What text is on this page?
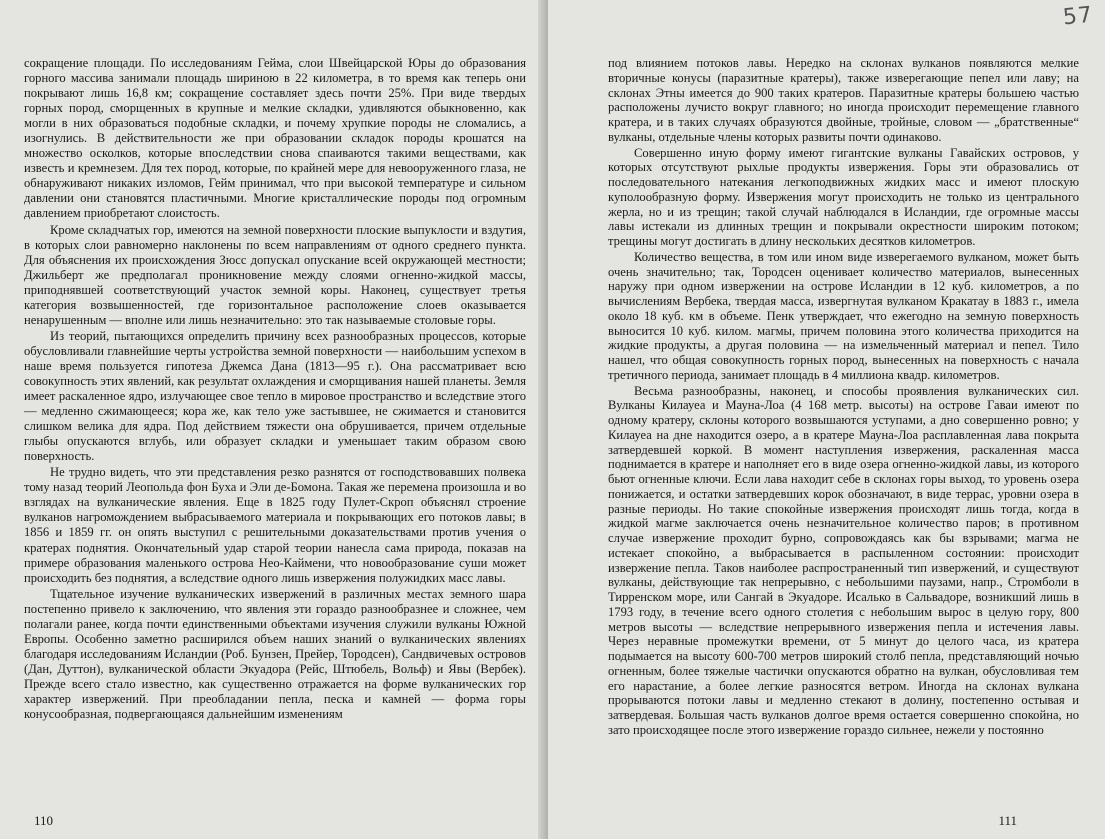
сокращение площади. По исследованиям Гейма, слои Швейцарской Юры до образования горного массива занимали площадь шириною в 22 километра, в то время как теперь они покрывают лишь 16,8 км; сокращение составляет здесь почти 25%. При виде твердых горных пород, сморщенных в крупные и мелкие складки, удивляются обыкновенно, как могли в них образоваться подобные складки, и почему хрупкие породы не сломались, а изогнулись. В действительности же при образовании складок породы крошатся на множество осколков, которые впоследствии снова спаиваются такими веществами, как известь и кремнезем. Для тех пород, которые, по крайней мере для невооруженного глаза, не обнаруживают никаких изломов, Гейм принимал, что при высокой температуре и сильном давлении они становятся пластичными. Многие кристаллические породы под огромным давлением приобретают слоистость.

Кроме складчатых гор, имеются на земной поверхности плоские выпуклости и вздутия, в которых слои равномерно наклонены по всем направлениям от одного среднего пункта. Для объяснения их происхождения Зюсс допускал опускание всей окружающей местности; Джильберт же предполагал проникновение между слоями огненно-жидкой массы, приподнявшей соответствующий участок земной коры. Наконец, существует третья категория возвышенностей, где горизонтальное расположение слоев оказывается ненарушенным — вполне или лишь незначительно: это так называемые столовые горы.

Из теорий, пытающихся определить причину всех разнообразных процессов, которые обусловливали главнейшие черты устройства земной поверхности — наибольшим успехом в наше время пользуется гипотеза Джемса Дана (1813—95 г.). Она рассматривает всю совокупность этих явлений, как результат охлаждения и сморщивания нашей планеты. Земля имеет раскаленное ядро, излучающее свое тепло в мировое пространство и вследствие этого — медленно сжимающееся; кора же, как тело уже застывшее, не сжимается и становится слишком велика для ядра. Под действием тяжести она обрушивается, причем отдельные глыбы опускаются вглубь, или образует складки и уменьшает таким образом свою поверхность.

Не трудно видеть, что эти представления резко разнятся от господствовавших полвека тому назад теорий Леопольда фон Буха и Эли де-Бомона. Такая же перемена произошла и во взглядах на вулканические явления. Еще в 1825 году Пулет-Скроп объяснял строение вулканов нагромождением выбрасываемого материала и покрывающих его потоков лавы; в 1856 и 1859 гг. он опять выступил с решительными доказательствами против учения о кратерах поднятия. Окончательный удар старой теории нанесла сама природа, показав на примере образования маленького острова Нео-Каймени, что новообразование суши может происходить без поднятия, а вследствие одного лишь извержения полужидких масс лавы.

Тщательное изучение вулканических извержений в различных местах земного шара постепенно привело к заключению, что явления эти гораздо разнообразнее и сложнее, чем полагали ранее, когда почти единственными объектами изучения служили вулканы Южной Европы. Особенно заметно расширился объем наших знаний о вулканических явлениях благодаря исследованиям Исландии (Роб. Бунзен, Прейер, Тородсен), Сандвичевых островов (Дан, Дуттон), вулканической области Экуадора (Рейс, Штюбель, Вольф) и Явы (Вербек). Прежде всего стало известно, как существенно отражается на форме вулканических гор характер извержений. При преобладании пепла, песка и камней — форма горы конусообразная, подвергающаяся дальнейшим изменениям

110
57

под влиянием потоков лавы. Нередко на склонах вулканов появляются мелкие вторичные конусы (паразитные кратеры), также изверегающие пепел или лаву; на склонах Этны имеется до 900 таких кратеров. Паразитные кратеры большею частью расположены лучисто вокруг главного; но иногда происходит перемещение главного кратера, и в таких случаях образуются двойные, тройные, словом — „братственные“ вулканы, отдельные члены которых развиты почти одинаково.

Совершенно иную форму имеют гигантские вулканы Гавайских островов, у которых отсутствуют рыхлые продукты извержения. Горы эти образовались от последовательного натекания легкоподвижных жидких масс и имеют плоскую куполообразную форму. Извержения могут происходить не только из центрального жерла, но и из трещин; такой случай наблюдался в Исландии, где огромные массы лавы истекали из длинных трещин и покрывали окрестности широким потоком; трещины могут достигать в длину нескольких десятков километров.

Количество вещества, в том или ином виде изверегаемого вулканом, может быть очень значительно; так, Тородсен оценивает количество материалов, вынесенных наружу при одном извержении на острове Исландии в 12 куб. километров, а по вычислениям Вербека, твердая масса, извергнутая вулканом Кракатау в 1883 г., имела около 18 куб. км в объеме. Пенк утверждает, что ежегодно на земную поверхность выносится 10 куб. килом. магмы, причем половина этого количества приходится на жидкие продукты, а другая половина — на измельченный материал и пепел. Тило нашел, что общая совокупность горных пород, вынесенных на поверхность с начала третичного периода, занимает площадь в 4 миллиона квадр. километров.

Весьма разнообразны, наконец, и способы проявления вулканических сил. Вулканы Килауеа и Мауна-Лоа (4 168 метр. высоты) на острове Гаваи имеют по одному кратеру, склоны которого возвышаются уступами, а дно совершенно ровно; у Килауеа на дне находится озеро, а в кратере Мауна-Лоа расплавленная лава покрыта затвердевшей коркой. В момент наступления извержения, раскаленная масса поднимается в кратере и наполняет его в виде озера огненно-жидкой лавы, из которого бьют огненные ключи. Если лава находит себе в склонах горы выход, то уровень озера понижается, и остатки затвердевших корок обозначают, в виде террас, уровни озера в разные периоды. Но такие спокойные извержения происходят лишь тогда, когда в жидкой магме заключается очень незначительное количество паров; в противном случае извержение проходит бурно, сопровождаясь как бы взрывами; магма не истекает спокойно, а выбрасывается в распыленном состоянии: происходит извержение пепла. Таков наиболее распространенный тип извержений, и существуют вулканы, действующие так непрерывно, с небольшими паузами, напр., Стромболи в Тирренском море, или Сангай в Экуадоре. Исалько в Сальвадоре, возникший лишь в 1793 году, в течение всего одного столетия с небольшим вырос в целую гору, 800 метров высоты — вследствие непрерывного извержения пепла и истечения лавы. Через неравные промежутки времени, от 5 минут до целого часа, из кратера подымается на высоту 600-700 метров широкий столб пепла, представляющий ночью огненным, более тяжелые частички опускаются обратно на вулкан, обусловливая тем его нарастание, а более легкие разносятся ветром. Иногда на склонах вулкана прорываются потоки лавы и медленно стекают в долину, постепенно остывая и затвердевая. Большая часть вулканов долгое время остается совершенно спокойна, но зато происходящее после этого извержение гораздо сильнее, нежели у постоянно

111
